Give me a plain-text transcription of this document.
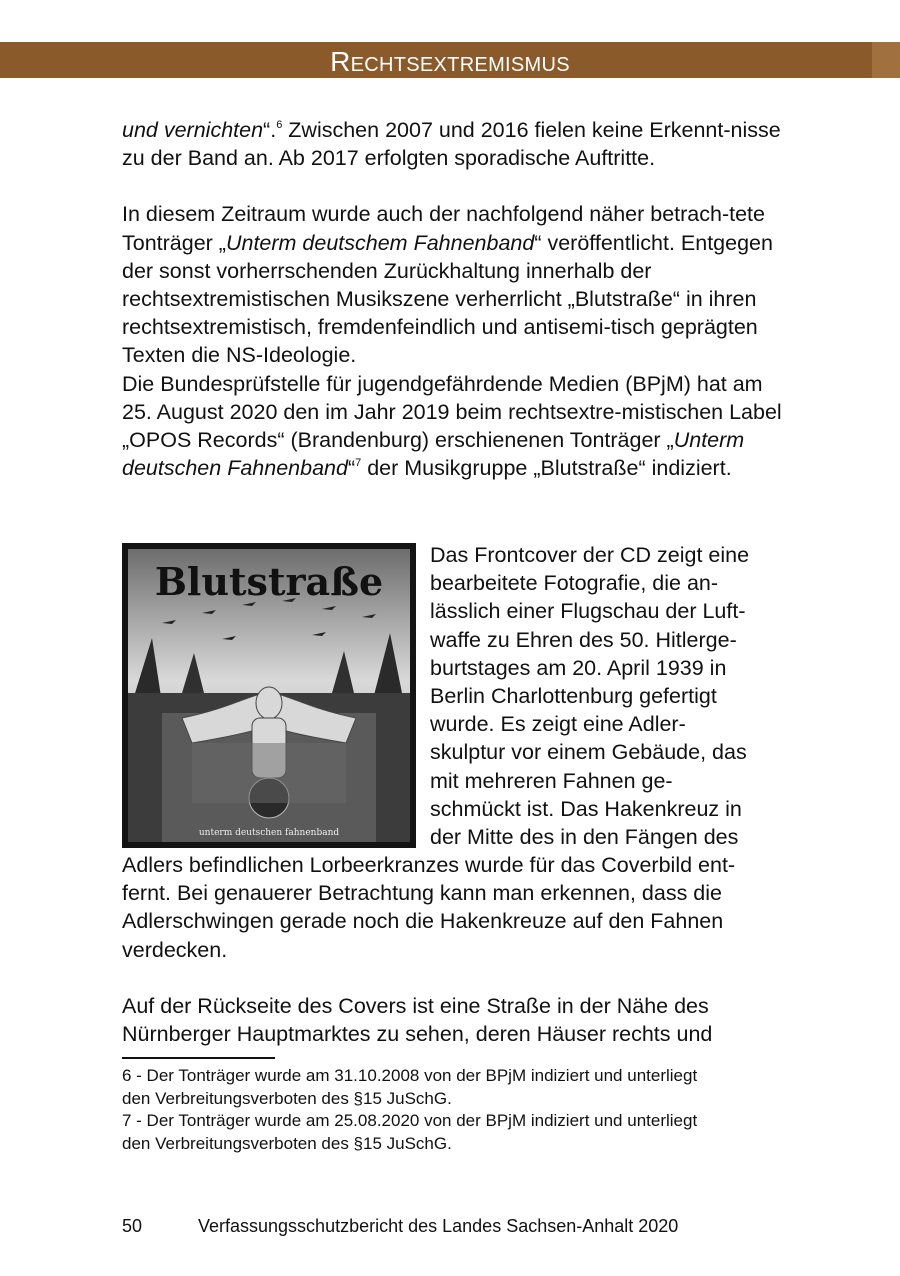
Rechtsextremismus

und vernichten“.$^6$ Zwischen 2007 und 2016 fielen keine Erkennt-nisse zu der Band an. Ab 2017 erfolgten sporadische Auftritte.

In diesem Zeitraum wurde auch der nachfolgend näher betrach-tete Tonträger „Unterm deutschem Fahnenband“ veröffentlicht. Entgegen der sonst vorherrschenden Zurückhaltung innerhalb der rechtsextremistischen Musikszene verherrlicht „Blutstraße“ in ihren rechtsextremistisch, fremdenfeindlich und antisemi-tisch geprägten Texten die NS-Ideologie.

Die Bundesprüfstelle für jugendgefährdende Medien (BPjM) hat am 25. August 2020 den im Jahr 2019 beim rechtsextre-mistischen Label „OPOS Records“ (Brandenburg) erschienenen Tonträger „Unterm deutschen Fahnenband“$^7$ der Musikgruppe „Blutstraße“ indiziert.

Blutstraße
unterm deutschen fahnenband

Das Frontcover der CD zeigt eine

bearbeitete Fotografie, die an-

lässlich einer Flugschau der Luft-

waffe zu Ehren des 50. Hitlerge-

burtstages am 20. April 1939 in

Berlin Charlottenburg gefertigt

wurde. Es zeigt eine Adler-

skulptur vor einem Gebäude, das

mit mehreren Fahnen ge-

schmückt ist. Das Hakenkreuz in

der Mitte des in den Fängen des

Adlers befindlichen Lorbeerkranzes wurde für das Coverbild ent-

fernt. Bei genauerer Betrachtung kann man erkennen, dass die

Adlerschwingen gerade noch die Hakenkreuze auf den Fahnen

verdecken.

Auf der Rückseite des Covers ist eine Straße in der Nähe des

Nürnberger Hauptmarktes zu sehen, deren Häuser rechts und

6 - Der Tonträger wurde am 31.10.2008 von der BPjM indiziert und unterliegt

den Verbreitungsverboten des §15 JuSchG.

7 - Der Tonträger wurde am 25.08.2020 von der BPjM indiziert und unterliegt

den Verbreitungsverboten des §15 JuSchG.

50	Verfassungsschutzbericht des Landes Sachsen-Anhalt 2020
